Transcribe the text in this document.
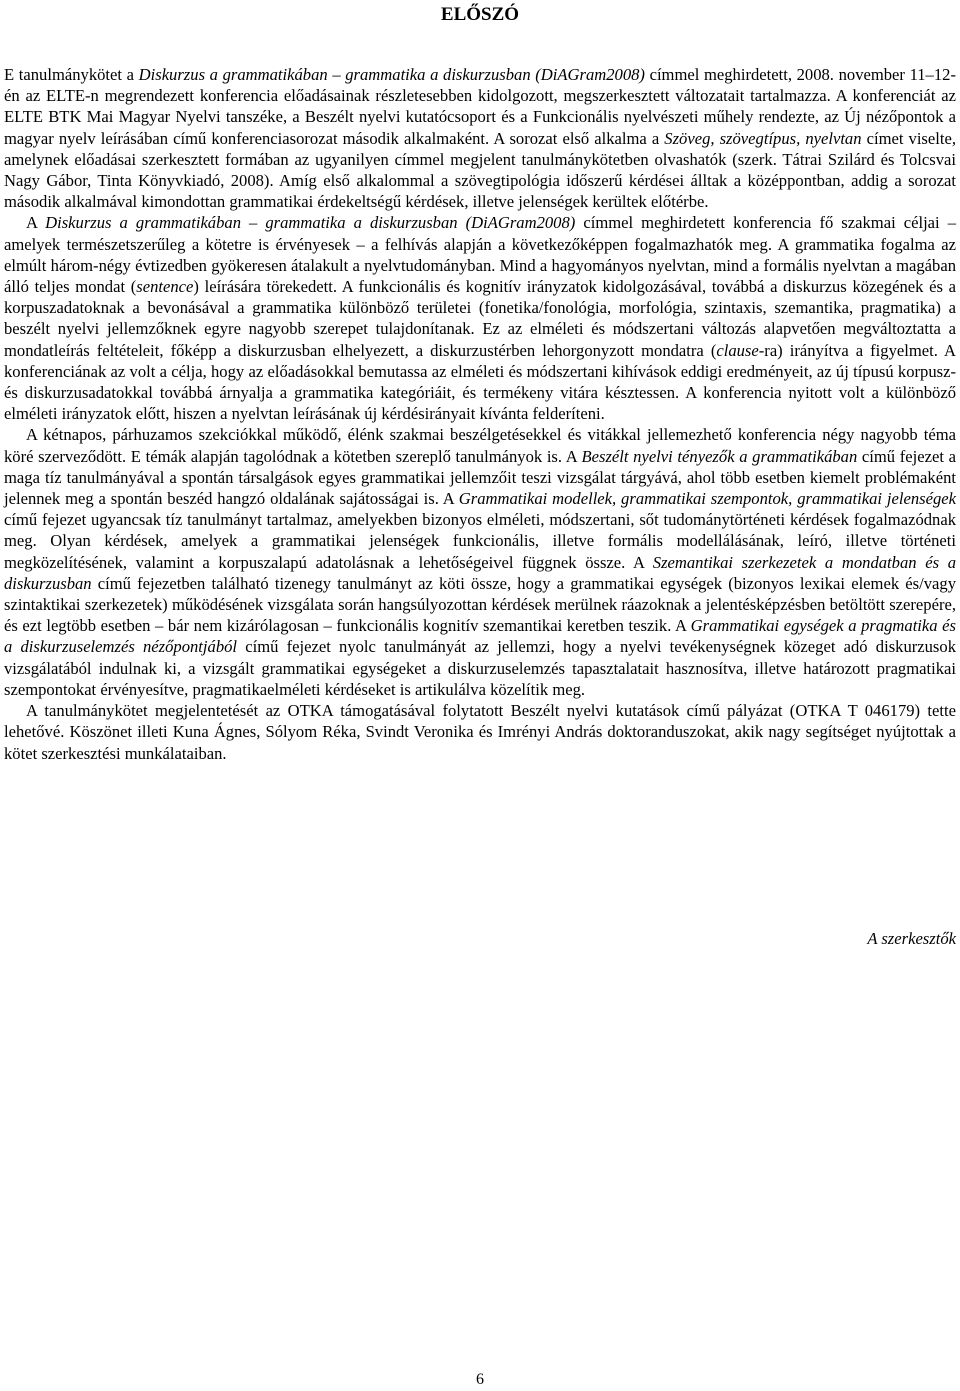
ELŐSZÓ

E tanulmánykötet a Diskurzus a grammatikában – grammatika a diskurzusban (DiAGram2008) címmel meghirdetett, 2008. november 11–12-én az ELTE-n megrendezett konferencia előadásainak részletesebben kidolgozott, megszerkesztett változatait tartalmazza. A konferenciát az ELTE BTK Mai Magyar Nyelvi tanszéke, a Beszélt nyelvi kutatócsoport és a Funkcionális nyelvészeti műhely rendezte, az Új nézőpontok a magyar nyelv leírásában című konferenciasorozat második alkalmaként. A sorozat első alkalma a Szöveg, szövegtípus, nyelvtan címet viselte, amelynek előadásai szerkesztett formában az ugyanilyen címmel megjelent tanulmánykötetben olvashatók (szerk. Tátrai Szilárd és Tolcsvai Nagy Gábor, Tinta Könyvkiadó, 2008). Amíg első alkalommal a szövegtipológia időszerű kérdései álltak a középpontban, addig a sorozat második alkalmával kimondottan grammatikai érdekeltségű kérdések, illetve jelenségek kerültek előtérbe.

A Diskurzus a grammatikában – grammatika a diskurzusban (DiAGram2008) címmel meghirdetett konferencia fő szakmai céljai – amelyek természetszerűleg a kötetre is érvényesek – a felhívás alapján a következőképpen fogalmazhatók meg. A grammatika fogalma az elmúlt három-négy évtizedben gyökeresen átalakult a nyelvtudományban. Mind a hagyományos nyelvtan, mind a formális nyelvtan a magában álló teljes mondat (sentence) leírására törekedett. A funkcionális és kognitív irányzatok kidolgozásával, továbbá a diskurzus közegének és a korpuszadatoknak a bevonásával a grammatika különböző területei (fonetika/fonológia, morfológia, szintaxis, szemantika, pragmatika) a beszélt nyelvi jellemzőknek egyre nagyobb szerepet tulajdonítanak. Ez az elméleti és módszertani változás alapvetően megváltoztatta a mondatleírás feltételeit, főképp a diskurzusban elhelyezett, a diskurzustérben lehorgonyzott mondatra (clause-ra) irányítva a figyelmet. A konferenciának az volt a célja, hogy az előadásokkal bemutassa az elméleti és módszertani kihívások eddigi eredményeit, az új típusú korpusz- és diskurzusadatokkal továbbá árnyalja a grammatika kategóriáit, és termékeny vitára késztessen. A konferencia nyitott volt a különböző elméleti irányzatok előtt, hiszen a nyelvtan leírásának új kérdésirányait kívánta felderíteni.

A kétnapos, párhuzamos szekciókkal működő, élénk szakmai beszélgetésekkel és vitákkal jellemezhető konferencia négy nagyobb téma köré szerveződött. E témák alapján tagolódnak a kötetben szereplő tanulmányok is. A Beszélt nyelvi tényezők a grammatikában című fejezet a maga tíz tanulmányával a spontán társalgások egyes grammatikai jellemzőit teszi vizsgálat tárgyává, ahol több esetben kiemelt problémaként jelennek meg a spontán beszéd hangzó oldalának sajátosságai is. A Grammatikai modellek, grammatikai szempontok, grammatikai jelenségek című fejezet ugyancsak tíz tanulmányt tartalmaz, amelyekben bizonyos elméleti, módszertani, sőt tudománytörténeti kérdések fogalmazódnak meg. Olyan kérdések, amelyek a grammatikai jelenségek funkcionális, illetve formális modellálásának, leíró, illetve történeti megközelítésének, valamint a korpuszalapú adatolásnak a lehetőségeivel függnek össze. A Szemantikai szerkezetek a mondatban és a diskurzusban című fejezetben található tizenegy tanulmányt az köti össze, hogy a grammatikai egységek (bizonyos lexikai elemek és/vagy szintaktikai szerkezetek) működésének vizsgálata során hangsúlyozottan kérdések merülnek ráazoknak a jelentésképzésben betöltött szerepére, és ezt legtöbb esetben – bár nem kizárólagosan – funkcionális kognitív szemantikai keretben teszik. A Grammatikai egységek a pragmatika és a diskurzuselemzés nézőpontjából című fejezet nyolc tanulmányát az jellemzi, hogy a nyelvi tevékenységnek közeget adó diskurzusok vizsgálatából indulnak ki, a vizsgált grammatikai egységeket a diskurzuselemzés tapasztalatait hasznosítva, illetve határozott pragmatikai szempontokat érvényesítve, pragmatikaelméleti kérdéseket is artikulálva közelítik meg.

A tanulmánykötet megjelentetését az OTKA támogatásával folytatott Beszélt nyelvi kutatások című pályázat (OTKA T 046179) tette lehetővé. Köszönet illeti Kuna Ágnes, Sólyom Réka, Svindt Veronika és Imrényi András doktoranduszokat, akik nagy segítséget nyújtottak a kötet szerkesztési munkálataiban.

A szerkesztők
6
